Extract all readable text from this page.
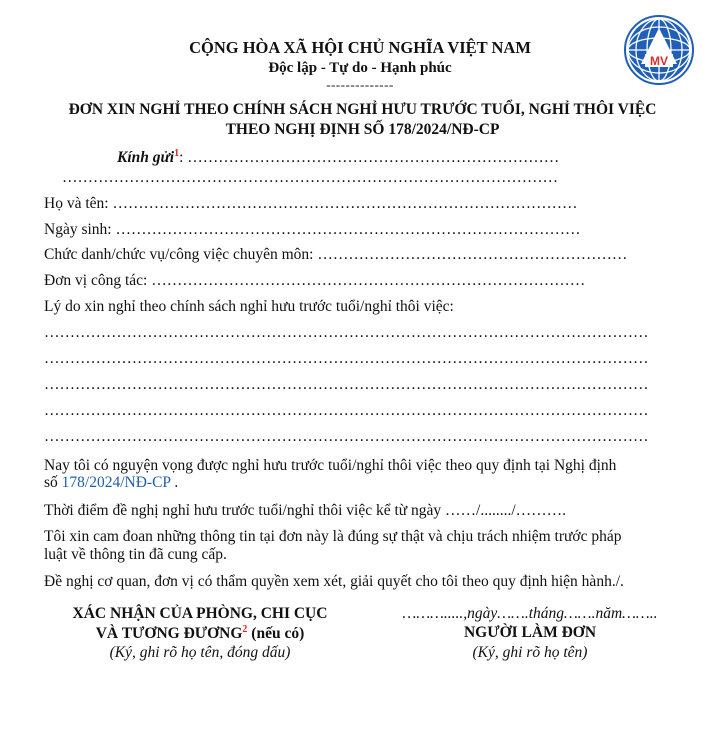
CỘNG HÒA XÃ HỘI CHỦ NGHĨA VIỆT NAM
Độc lập - Tự do - Hạnh phúc
--------------
MV
ĐƠN XIN NGHỈ THEO CHÍNH SÁCH NGHỈ HƯU TRƯỚC TUỔI, NGHỈ THÔI VIỆC
THEO NGHỊ ĐỊNH SỐ 178/2024/NĐ-CP
Kính gửi$^1$: ………………………………………………………………
……………………………………………………………………………………
Họ và tên: ………………………………………………………………………………
Ngày sinh: ………………………………………………………………………………
Chức danh/chức vụ/công việc chuyên môn: ……………………………………………………
Đơn vị công tác: …………………………………………………………………………
Lý do xin nghỉ theo chính sách nghỉ hưu trước tuổi/nghỉ thôi việc:
………………………………………………………………………………………………………
………………………………………………………………………………………………………
………………………………………………………………………………………………………
………………………………………………………………………………………………………
………………………………………………………………………………………………………
Nay tôi có nguyện vọng được nghỉ hưu trước tuổi/nghỉ thôi việc theo quy định tại Nghị định
số 178/2024/NĐ-CP .
Thời điểm đề nghị nghỉ hưu trước tuổi/nghỉ thôi việc kể từ ngày ……/......../……….
Tôi xin cam đoan những thông tin tại đơn này là đúng sự thật và chịu trách nhiệm trước pháp
luật về thông tin đã cung cấp.
Đề nghị cơ quan, đơn vị có thẩm quyền xem xét, giải quyết cho tôi theo quy định hiện hành./.
XÁC NHẬN CỦA PHÒNG, CHI CỤC
VÀ TƯƠNG ĐƯƠNG$^2$ (nếu có)
(Ký, ghi rõ họ tên, đóng dấu)
……….....,ngày…….tháng…….năm……..
NGƯỜI LÀM ĐƠN
(Ký, ghi rõ họ tên)
